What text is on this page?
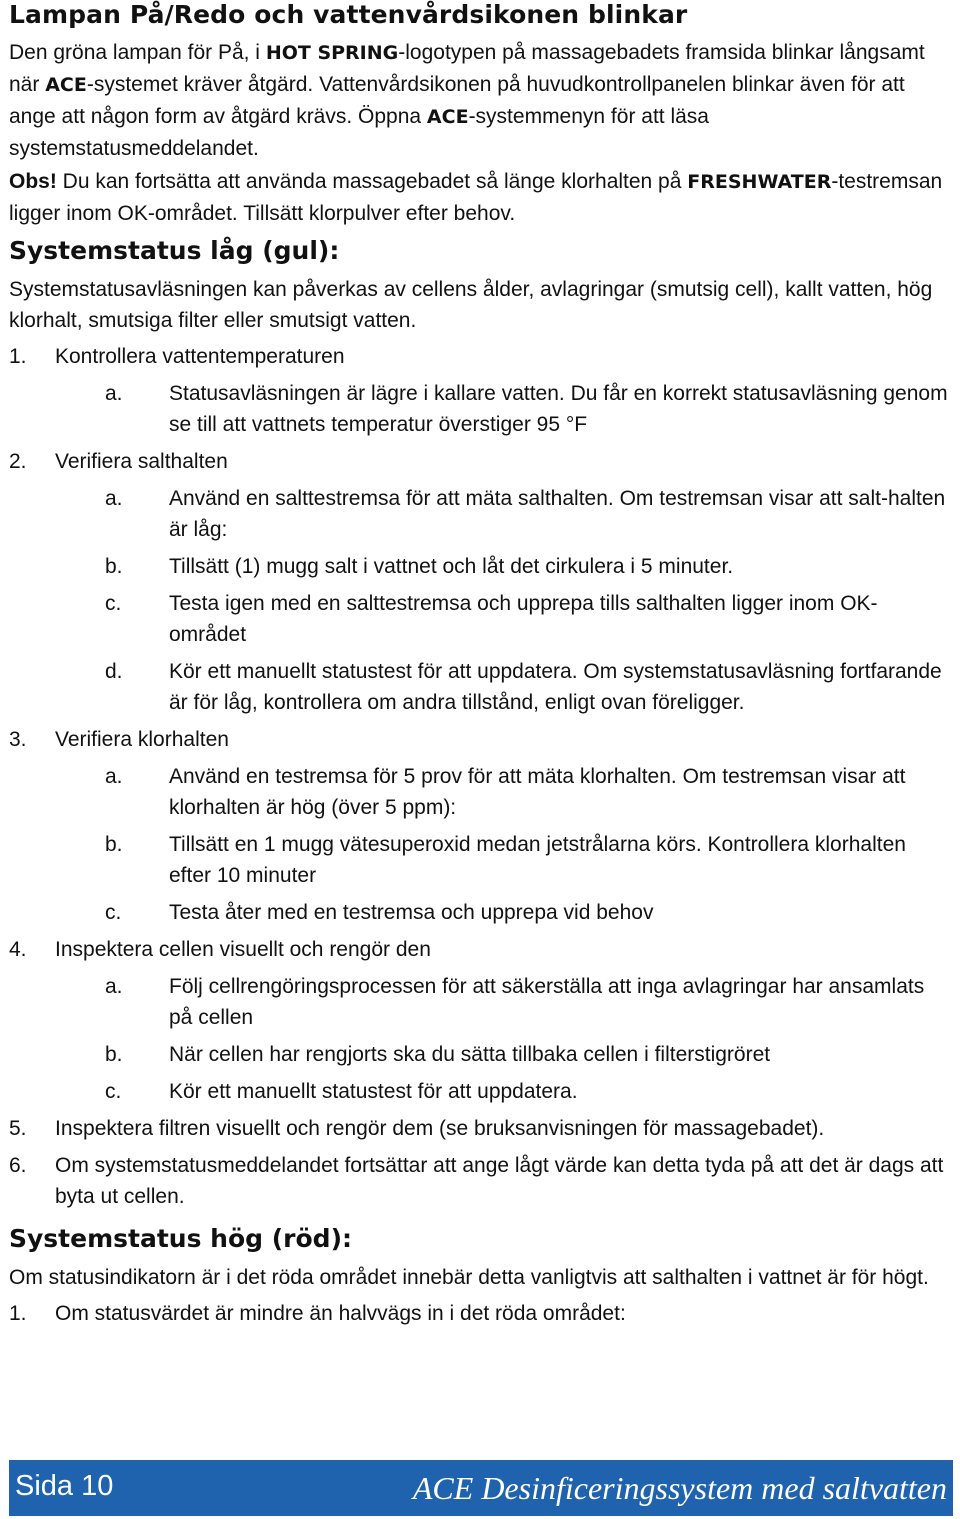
Lampan På/Redo och vattenvårdsikonen blinkar

Den gröna lampan för På, i HOT SPRING-logotypen på massagebadets framsida blinkar långsamt när ACE-systemet kräver åtgärd. Vattenvårdsikonen på huvudkontrollpanelen blinkar även för att ange att någon form av åtgärd krävs. Öppna ACE-systemmenyn för att läsa systemstatusmeddelandet.

Obs! Du kan fortsätta att använda massagebadet så länge klorhalten på FRESHWATER-testremsan ligger inom OK-området. Tillsätt klorpulver efter behov.

Systemstatus låg (gul):

Systemstatusavläsningen kan påverkas av cellens ålder, avlagringar (smutsig cell), kallt vatten, hög klorhalt, smutsiga filter eller smutsigt vatten.

1. Kontrollera vattentemperaturen
a. Statusavläsningen är lägre i kallare vatten. Du får en korrekt statusavläsning genom se till att vattnets temperatur överstiger 95 °F
2. Verifiera salthalten
a. Använd en salttestremsa för att mäta salthalten. Om testremsan visar att salt-halten är låg:
b. Tillsätt (1) mugg salt i vattnet och låt det cirkulera i 5 minuter.
c. Testa igen med en salttestremsa och upprepa tills salthalten ligger inom OK-området
d. Kör ett manuellt statustest för att uppdatera. Om systemstatusavläsning fortfarande är för låg, kontrollera om andra tillstånd, enligt ovan föreligger.
3. Verifiera klorhalten
a. Använd en testremsa för 5 prov för att mäta klorhalten. Om testremsan visar att klorhalten är hög (över 5 ppm):
b. Tillsätt en 1 mugg vätesuperoxid medan jetstrålarna körs. Kontrollera klorhalten efter 10 minuter
c. Testa åter med en testremsa och upprepa vid behov
4. Inspektera cellen visuellt och rengör den
a. Följ cellrengöringsprocessen för att säkerställa att inga avlagringar har ansamlats på cellen
b. När cellen har rengjorts ska du sätta tillbaka cellen i filterstigröret
c. Kör ett manuellt statustest för att uppdatera.
5. Inspektera filtren visuellt och rengör dem (se bruksanvisningen för massagebadet).
6. Om systemstatusmeddelandet fortsättar att ange lågt värde kan detta tyda på att det är dags att byta ut cellen.
Systemstatus hög (röd):

Om statusindikatorn är i det röda området innebär detta vanligtvis att salthalten i vattnet är för högt.

1. Om statusvärdet är mindre än halvvägs in i det röda området:
Sida 10	ACE Desinficeringssystem med saltvatten
